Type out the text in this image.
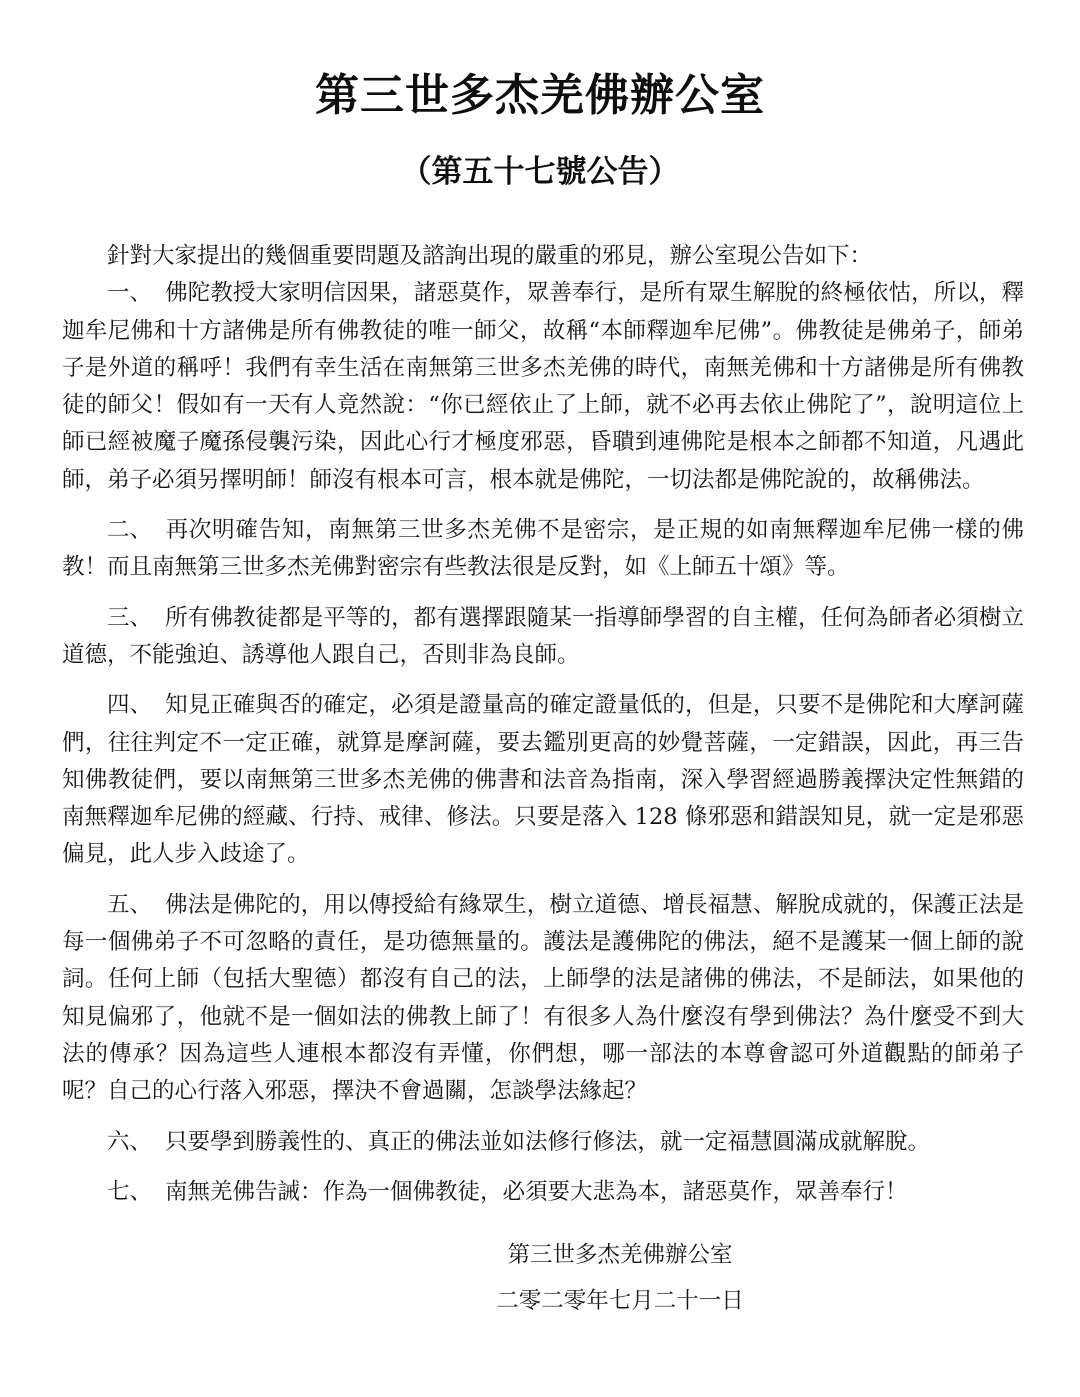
第三世多杰羌佛辦公室
（第五十七號公告）

針對大家提出的幾個重要問題及諮詢出現的嚴重的邪見，辦公室現公告如下：

一、 佛陀教授大家明信因果，諸惡莫作，眾善奉行，是所有眾生解脫的終極依怙，所以，釋迦牟尼佛和十方諸佛是所有佛教徒的唯一師父，故稱“本師釋迦牟尼佛”。佛教徒是佛弟子，師弟子是外道的稱呼！我們有幸生活在南無第三世多杰羌佛的時代，南無羌佛和十方諸佛是所有佛教徒的師父！假如有一天有人竟然說：“你已經依止了上師，就不必再去依止佛陀了”，說明這位上師已經被魔子魔孫侵襲污染，因此心行才極度邪惡，昏聵到連佛陀是根本之師都不知道，凡遇此師，弟子必須另擇明師！師沒有根本可言，根本就是佛陀，一切法都是佛陀說的，故稱佛法。

二、 再次明確告知，南無第三世多杰羌佛不是密宗，是正規的如南無釋迦牟尼佛一樣的佛教！而且南無第三世多杰羌佛對密宗有些教法很是反對，如《上師五十頌》等。

三、 所有佛教徒都是平等的，都有選擇跟隨某一指導師學習的自主權，任何為師者必須樹立道德，不能強迫、誘導他人跟自己，否則非為良師。

四、 知見正確與否的確定，必須是證量高的確定證量低的，但是，只要不是佛陀和大摩訶薩們，往往判定不一定正確，就算是摩訶薩，要去鑑別更高的妙覺菩薩，一定錯誤，因此，再三告知佛教徒們，要以南無第三世多杰羌佛的佛書和法音為指南，深入學習經過勝義擇決定性無錯的南無釋迦牟尼佛的經藏、行持、戒律、修法。只要是落入 128 條邪惡和錯誤知見，就一定是邪惡偏見，此人步入歧途了。

五、 佛法是佛陀的，用以傳授給有緣眾生，樹立道德、增長福慧、解脫成就的，保護正法是每一個佛弟子不可忽略的責任，是功德無量的。護法是護佛陀的佛法，絕不是護某一個上師的說詞。任何上師（包括大聖德）都沒有自己的法，上師學的法是諸佛的佛法，不是師法，如果他的知見偏邪了，他就不是一個如法的佛教上師了！有很多人為什麼沒有學到佛法？為什麼受不到大法的傳承？因為這些人連根本都沒有弄懂，你們想，哪一部法的本尊會認可外道觀點的師弟子呢？自己的心行落入邪惡，擇決不會過關，怎談學法緣起？

六、 只要學到勝義性的、真正的佛法並如法修行修法，就一定福慧圓滿成就解脫。

七、 南無羌佛告誡：作為一個佛教徒，必須要大悲為本，諸惡莫作，眾善奉行！

第三世多杰羌佛辦公室
二零二零年七月二十一日
